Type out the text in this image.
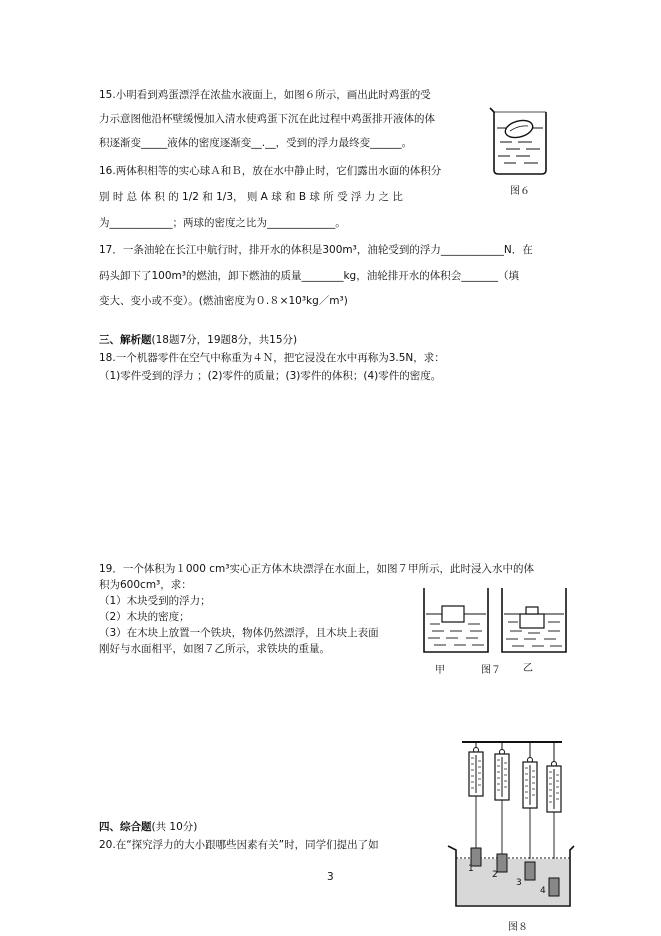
15.小明看到鸡蛋漂浮在浓盐水液面上，如图６所示，画出此时鸡蛋的受
力示意图他沿杯壁缓慢加入清水使鸡蛋下沉在此过程中鸡蛋排开液体的体
积逐渐变_____液体的密度逐渐变__.__，受到的浮力最终变______。
图６
16.两体积相等的实心球Ａ和Ｂ，放在水中静止时，它们露出水面的体积分
别 时 总 体 积 的 1/2 和 1/3， 则 A 球 和 B 球 所 受 浮 力 之 比
为____________；两球的密度之比为_____________。
17．一条油轮在长江中航行时，排开水的体积是300m³，油轮受到的浮力____________N．在
码头卸下了100m³的燃油，卸下燃油的质量________kg，油轮排开水的体积会_______（填
变大、变小或不变）。(燃油密度为０.８×10³kg／m³)
三、解析题(18题7分，19题8分，共15分)
18.一个机器零件在空气中称重为４Ｎ，把它浸没在水中再称为3.5N，求：
（1)零件受到的浮力 ；(2)零件的质量；(3)零件的体积；(4)零件的密度。
19．一个体积为１000 cm³实心正方体木块漂浮在水面上，如图７甲所示，此时浸入水中的体
积为600cm³，求：
（1）木块受到的浮力；
（2）木块的密度；
（3）在木块上放置一个铁块，物体仍然漂浮，且木块上表面
刚好与水面相平，如图７乙所示，求铁块的重量。
甲	图７ 乙
四、综合题(共 10分)
20.在“探究浮力的大小跟哪些因素有关”时，同学们提出了如
3
1
2
3
4
图８
